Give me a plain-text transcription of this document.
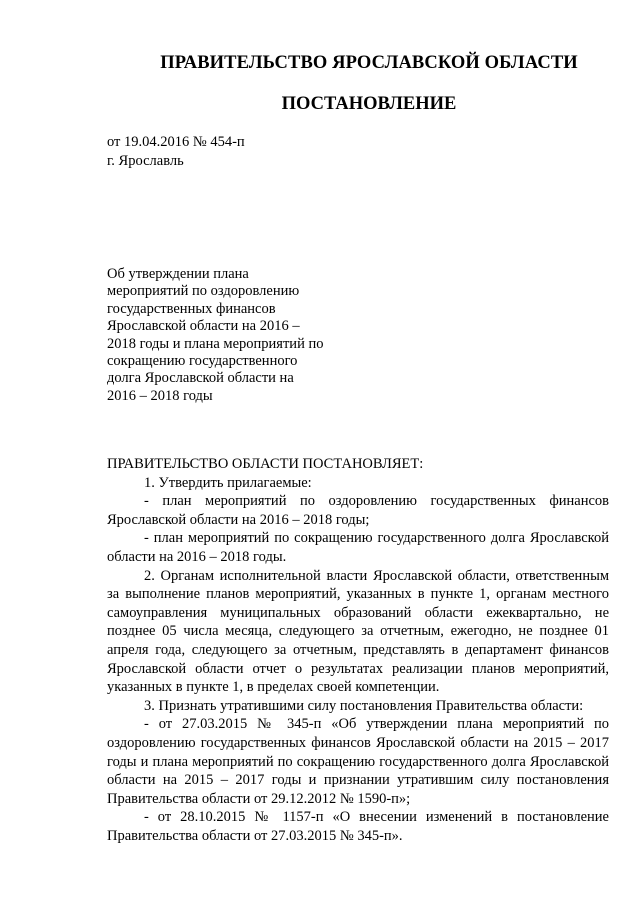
ПРАВИТЕЛЬСТВО ЯРОСЛАВСКОЙ ОБЛАСТИ
ПОСТАНОВЛЕНИЕ
от 19.04.2016 № 454-п
г. Ярославль
Об утверждении плана
мероприятий по оздоровлению
государственных финансов
Ярославской области на 2016 –
2018 годы и плана мероприятий по
сокращению государственного
долга Ярославской области на
2016 – 2018 годы

ПРАВИТЕЛЬСТВО ОБЛАСТИ ПОСТАНОВЛЯЕТ:

1. Утвердить прилагаемые:

- план мероприятий по оздоровлению государственных финансов Ярославской области на 2016 – 2018 годы;

- план мероприятий по сокращению государственного долга Ярославской области на 2016 – 2018 годы.

2. Органам исполнительной власти Ярославской области, ответственным за выполнение планов мероприятий, указанных в пункте 1, органам местного самоуправления муниципальных образований области ежеквартально, не позднее 05 числа месяца, следующего за отчетным, ежегодно, не позднее 01 апреля года, следующего за отчетным, представлять в департамент финансов Ярославской области отчет о результатах реализации планов мероприятий, указанных в пункте 1, в пределах своей компетенции.

3. Признать утратившими силу постановления Правительства области:

- от 27.03.2015 № 345-п «Об утверждении плана мероприятий по оздоровлению государственных финансов Ярославской области на 2015 – 2017 годы и плана мероприятий по сокращению государственного долга Ярославской области на 2015 – 2017 годы и признании утратившим силу постановления Правительства области от 29.12.2012 № 1590-п»;

- от 28.10.2015 № 1157-п «О внесении изменений в постановление Правительства области от 27.03.2015 № 345-п».
